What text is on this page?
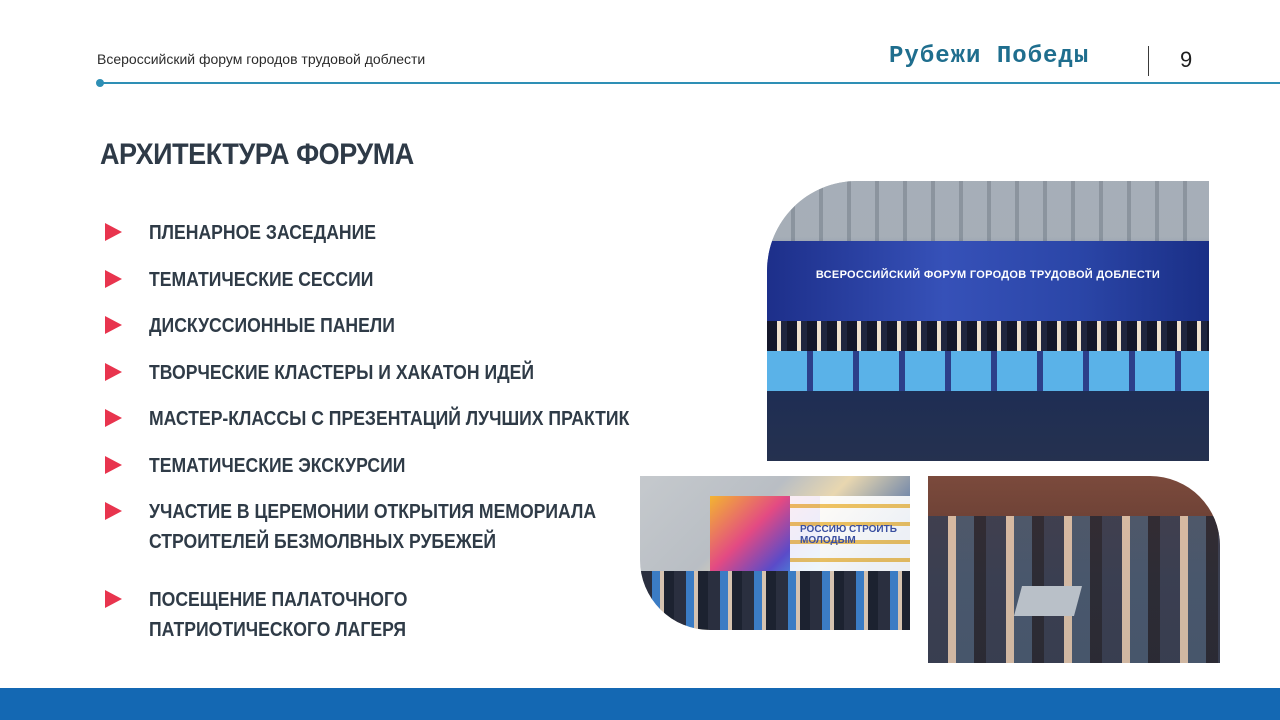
Всероссийский форум городов трудовой доблести	Рубежи Победы	9
АРХИТЕКТУРА ФОРУМА
ПЛЕНАРНОЕ ЗАСЕДАНИЕ
ТЕМАТИЧЕСКИЕ СЕССИИ
ДИСКУССИОННЫЕ ПАНЕЛИ
ТВОРЧЕСКИЕ КЛАСТЕРЫ И ХАКАТОН ИДЕЙ
МАСТЕР-КЛАССЫ С ПРЕЗЕНТАЦИЙ ЛУЧШИХ ПРАКТИК
ТЕМАТИЧЕСКИЕ ЭКСКУРСИИ
УЧАСТИЕ В ЦЕРЕМОНИИ ОТКРЫТИЯ МЕМОРИАЛА
СТРОИТЕЛЕЙ БЕЗМОЛВНЫХ РУБЕЖЕЙ
ПОСЕЩЕНИЕ ПАЛАТОЧНОГО
ПАТРИОТИЧЕСКОГО ЛАГЕРЯ
ВСЕРОССИЙСКИЙ ФОРУМ ГОРОДОВ ТРУДОВОЙ ДОБЛЕСТИ
РОССИЮ СТРОИТЬ МОЛОДЫМ
